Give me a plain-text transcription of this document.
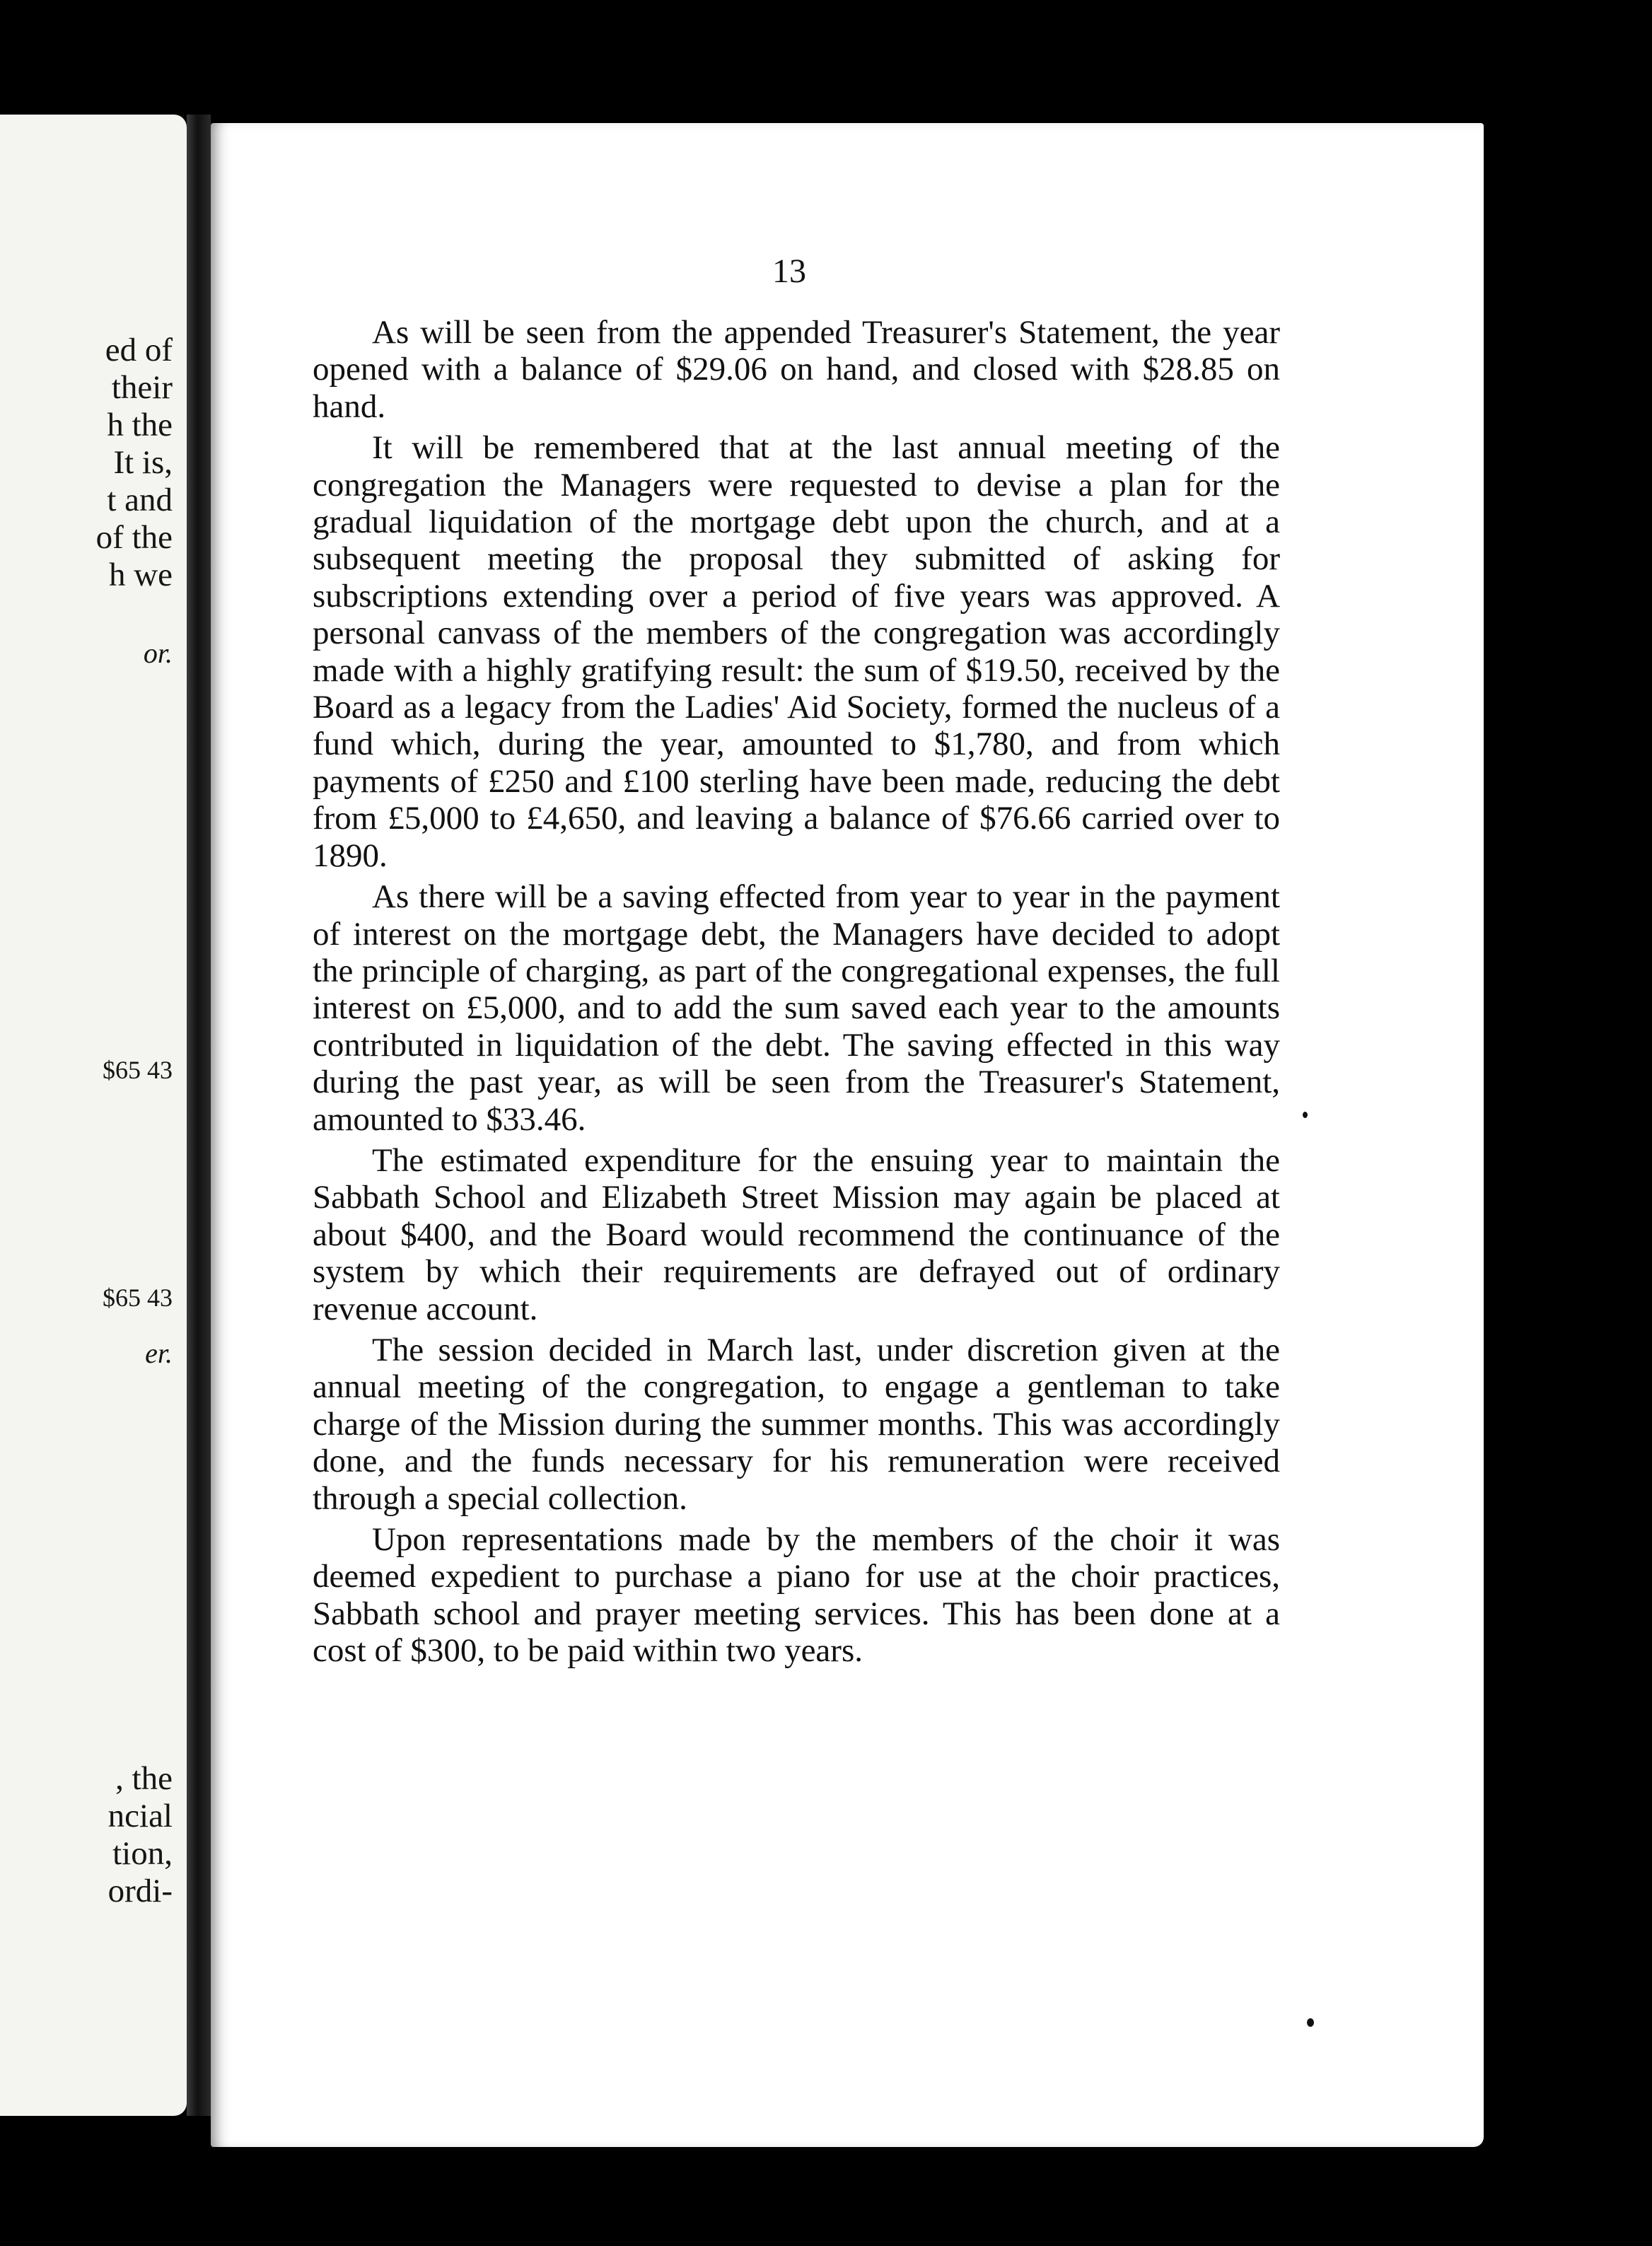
ed of
their
h the
It is,
t and
of the
h we
or.
$65 43
$65 43
er.
, the
ncial
tion,
ordi-
13

As will be seen from the appended Treasurer's Statement, the year opened with a balance of $29.06 on hand, and closed with $28.85 on hand.

It will be remembered that at the last annual meeting of the congregation the Managers were requested to devise a plan for the gradual liquidation of the mortgage debt upon the church, and at a subsequent meeting the proposal they submitted of asking for subscriptions extending over a period of five years was approved. A personal canvass of the members of the congregation was accordingly made with a highly gratifying result: the sum of $19.50, received by the Board as a legacy from the Ladies' Aid Society, formed the nucleus of a fund which, during the year, amounted to $1,780, and from which payments of £250 and £100 sterling have been made, reducing the debt from £5,000 to £4,650, and leaving a balance of $76.66 carried over to 1890.

As there will be a saving effected from year to year in the payment of interest on the mortgage debt, the Managers have decided to adopt the principle of charging, as part of the congregational expenses, the full interest on £5,000, and to add the sum saved each year to the amounts contributed in liquidation of the debt. The saving effected in this way during the past year, as will be seen from the Treasurer's Statement, amounted to $33.46.

The estimated expenditure for the ensuing year to maintain the Sabbath School and Elizabeth Street Mission may again be placed at about $400, and the Board would recommend the continuance of the system by which their requirements are defrayed out of ordinary revenue account.

The session decided in March last, under discretion given at the annual meeting of the congregation, to engage a gentleman to take charge of the Mission during the summer months. This was accordingly done, and the funds necessary for his remuneration were received through a special collection.

Upon representations made by the members of the choir it was deemed expedient to purchase a piano for use at the choir practices, Sabbath school and prayer meeting services. This has been done at a cost of $300, to be paid within two years.
